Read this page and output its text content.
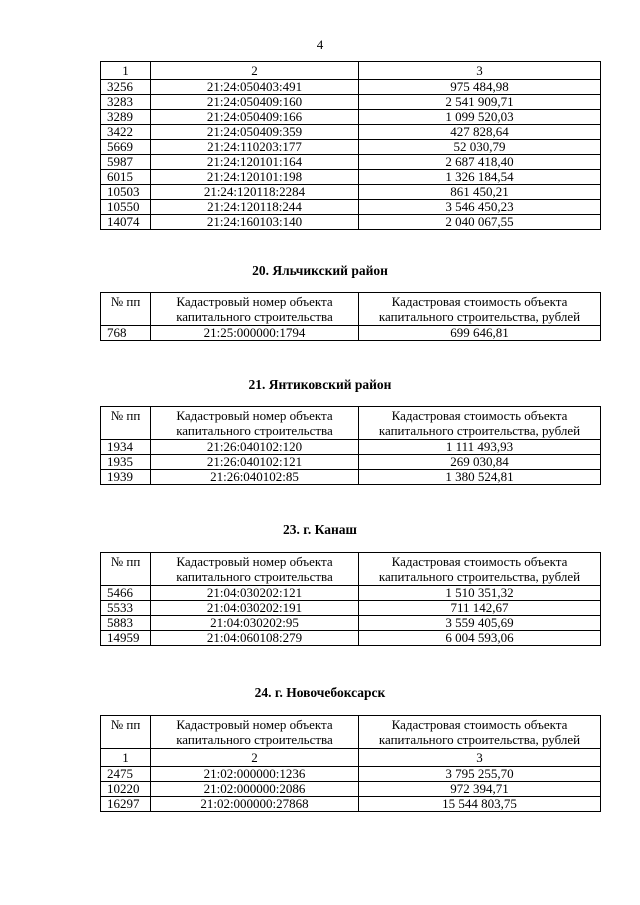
4
1	2	3
3256	21:24:050403:491	975 484,98
3283	21:24:050409:160	2 541 909,71
3289	21:24:050409:166	1 099 520,03
3422	21:24:050409:359	427 828,64
5669	21:24:110203:177	52 030,79
5987	21:24:120101:164	2 687 418,40
6015	21:24:120101:198	1 326 184,54
10503	21:24:120118:2284	861 450,21
10550	21:24:120118:244	3 546 450,23
14074	21:24:160103:140	2 040 067,55
20. Яльчикский район
№ пп	Кадастровый номер объекта капитального строительства	Кадастровая стоимость объекта капитального строительства, рублей
768	21:25:000000:1794	699 646,81
21. Янтиковский район
№ пп	Кадастровый номер объекта капитального строительства	Кадастровая стоимость объекта капитального строительства, рублей
1934	21:26:040102:120	1 111 493,93
1935	21:26:040102:121	269 030,84
1939	21:26:040102:85	1 380 524,81
23. г. Канаш
№ пп	Кадастровый номер объекта капитального строительства	Кадастровая стоимость объекта капитального строительства, рублей
5466	21:04:030202:121	1 510 351,32
5533	21:04:030202:191	711 142,67
5883	21:04:030202:95	3 559 405,69
14959	21:04:060108:279	6 004 593,06
24. г. Новочебоксарск
№ пп	Кадастровый номер объекта капитального строительства	Кадастровая стоимость объекта капитального строительства, рублей
1	2	3
2475	21:02:000000:1236	3 795 255,70
10220	21:02:000000:2086	972 394,71
16297	21:02:000000:27868	15 544 803,75
